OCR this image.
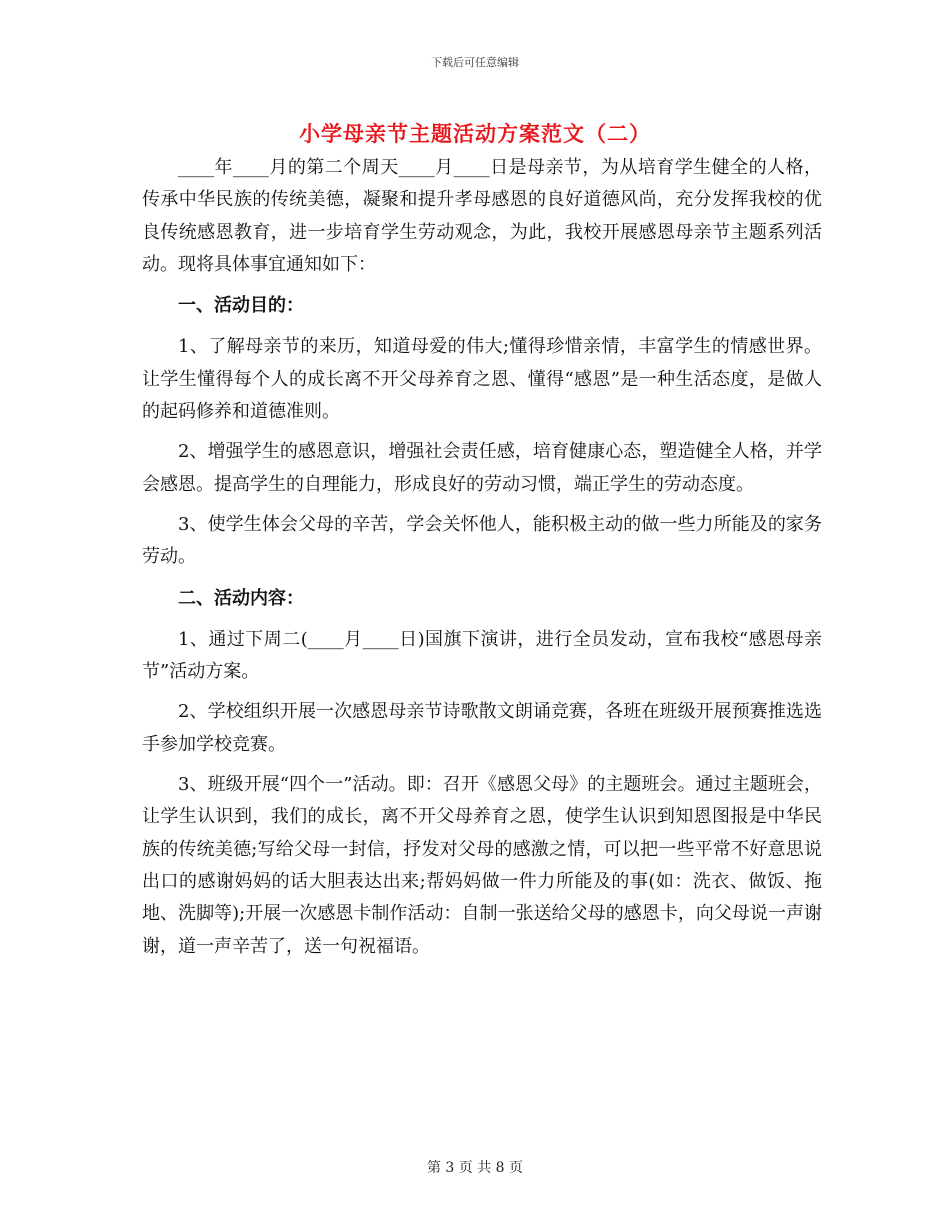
下载后可任意编辑
小学母亲节主题活动方案范文（二）

____年____月的第二个周天____月____日是母亲节，为从培育学生健全的人格，传承中华民族的传统美德，凝聚和提升孝母感恩的良好道德风尚，充分发挥我校的优良传统感恩教育，进一步培育学生劳动观念，为此，我校开展感恩母亲节主题系列活动。现将具体事宜通知如下：

一、活动目的：

1、了解母亲节的来历，知道母爱的伟大;懂得珍惜亲情，丰富学生的情感世界。让学生懂得每个人的成长离不开父母养育之恩、懂得“感恩”是一种生活态度，是做人的起码修养和道德准则。

2、增强学生的感恩意识，增强社会责任感，培育健康心态，塑造健全人格，并学会感恩。提高学生的自理能力，形成良好的劳动习惯，端正学生的劳动态度。

3、使学生体会父母的辛苦，学会关怀他人，能积极主动的做一些力所能及的家务劳动。

二、活动内容：

1、通过下周二(____月____日)国旗下演讲，进行全员发动，宣布我校“感恩母亲节”活动方案。

2、学校组织开展一次感恩母亲节诗歌散文朗诵竞赛，各班在班级开展预赛推选选手参加学校竞赛。

3、班级开展“四个一”活动。即：召开《感恩父母》的主题班会。通过主题班会，让学生认识到，我们的成长，离不开父母养育之恩，使学生认识到知恩图报是中华民族的传统美德;写给父母一封信，抒发对父母的感激之情，可以把一些平常不好意思说出口的感谢妈妈的话大胆表达出来;帮妈妈做一件力所能及的事(如：洗衣、做饭、拖地、洗脚等);开展一次感恩卡制作活动：自制一张送给父母的感恩卡，向父母说一声谢谢，道一声辛苦了，送一句祝福语。

第 3 页 共 8 页
